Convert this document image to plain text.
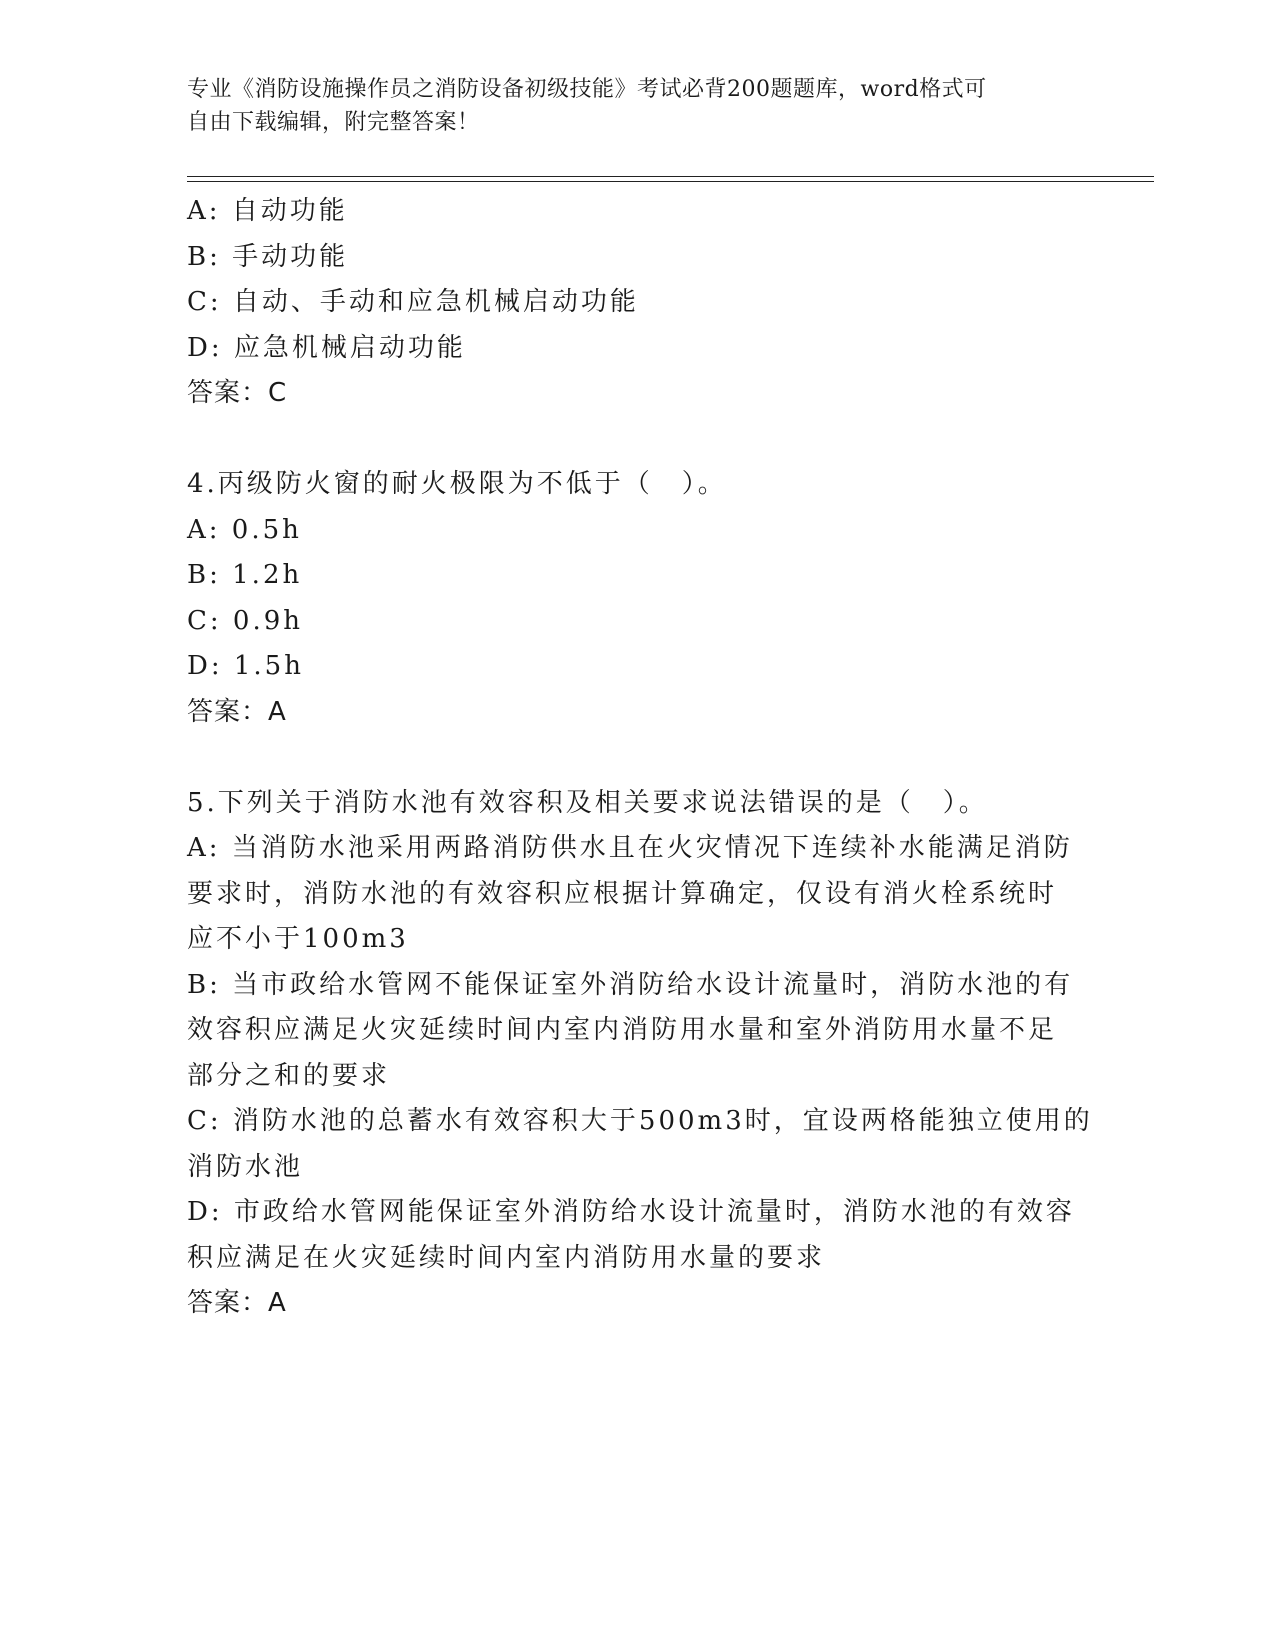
专业《消防设施操作员之消防设备初级技能》考试必背200题题库，word格式可
自由下载编辑，附完整答案！
A: 自动功能
B: 手动功能
C: 自动、手动和应急机械启动功能
D: 应急机械启动功能
答案：C
4.丙级防火窗的耐火极限为不低于（　）。
A: 0.5h
B: 1.2h
C: 0.9h
D: 1.5h
答案：A
5.下列关于消防水池有效容积及相关要求说法错误的是（　）。
A: 当消防水池采用两路消防供水且在火灾情况下连续补水能满足消防
要求时，消防水池的有效容积应根据计算确定，仅设有消火栓系统时
应不小于100m3
B: 当市政给水管网不能保证室外消防给水设计流量时，消防水池的有
效容积应满足火灾延续时间内室内消防用水量和室外消防用水量不足
部分之和的要求
C: 消防水池的总蓄水有效容积大于500m3时，宜设两格能独立使用的
消防水池
D: 市政给水管网能保证室外消防给水设计流量时，消防水池的有效容
积应满足在火灾延续时间内室内消防用水量的要求
答案：A
